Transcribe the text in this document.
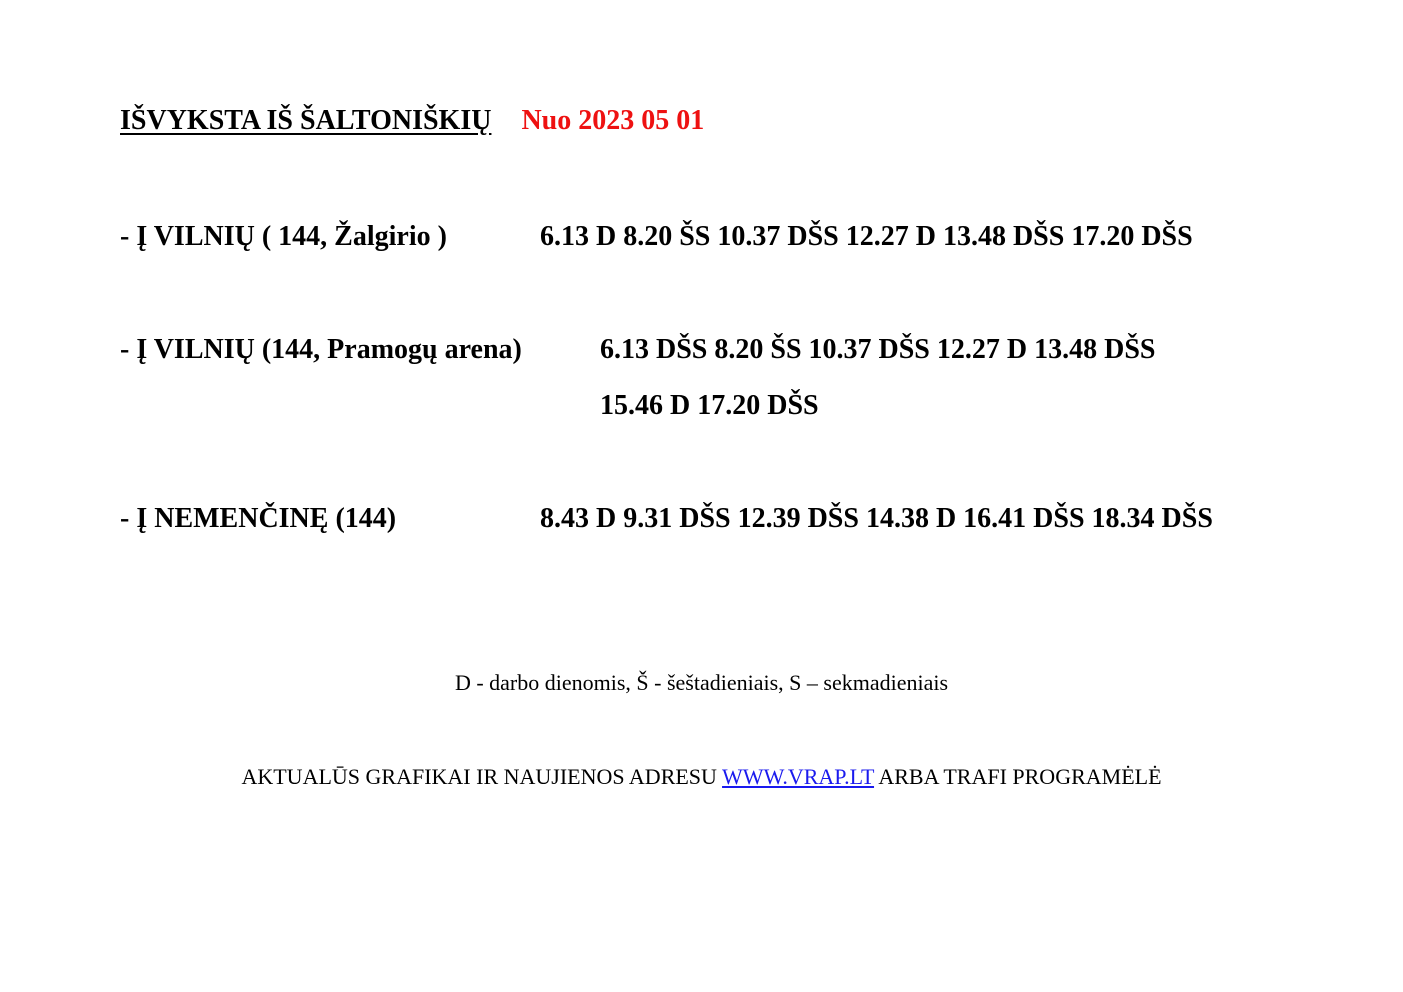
IŠVYKSTA IŠ ŠALTONIŠKIŲ Nuo 2023 05 01
- Į VILNIŲ ( 144, Žalgirio )	6.13 D 8.20 ŠS 10.37 DŠS 12.27 D 13.48 DŠS 17.20 DŠS
- Į VILNIŲ (144, Pramogų arena)	6.13 DŠS 8.20 ŠS 10.37 DŠS 12.27 D 13.48 DŠS
15.46 D 17.20 DŠS
- Į NEMENČINĘ (144)	8.43 D 9.31 DŠS 12.39 DŠS 14.38 D 16.41 DŠS 18.34 DŠS
D - darbo dienomis, Š - šeštadieniais, S – sekmadieniais
AKTUALŪS GRAFIKAI IR NAUJIENOS ADRESU WWW.VRAP.LT ARBA TRAFI PROGRAMĖLĖ
